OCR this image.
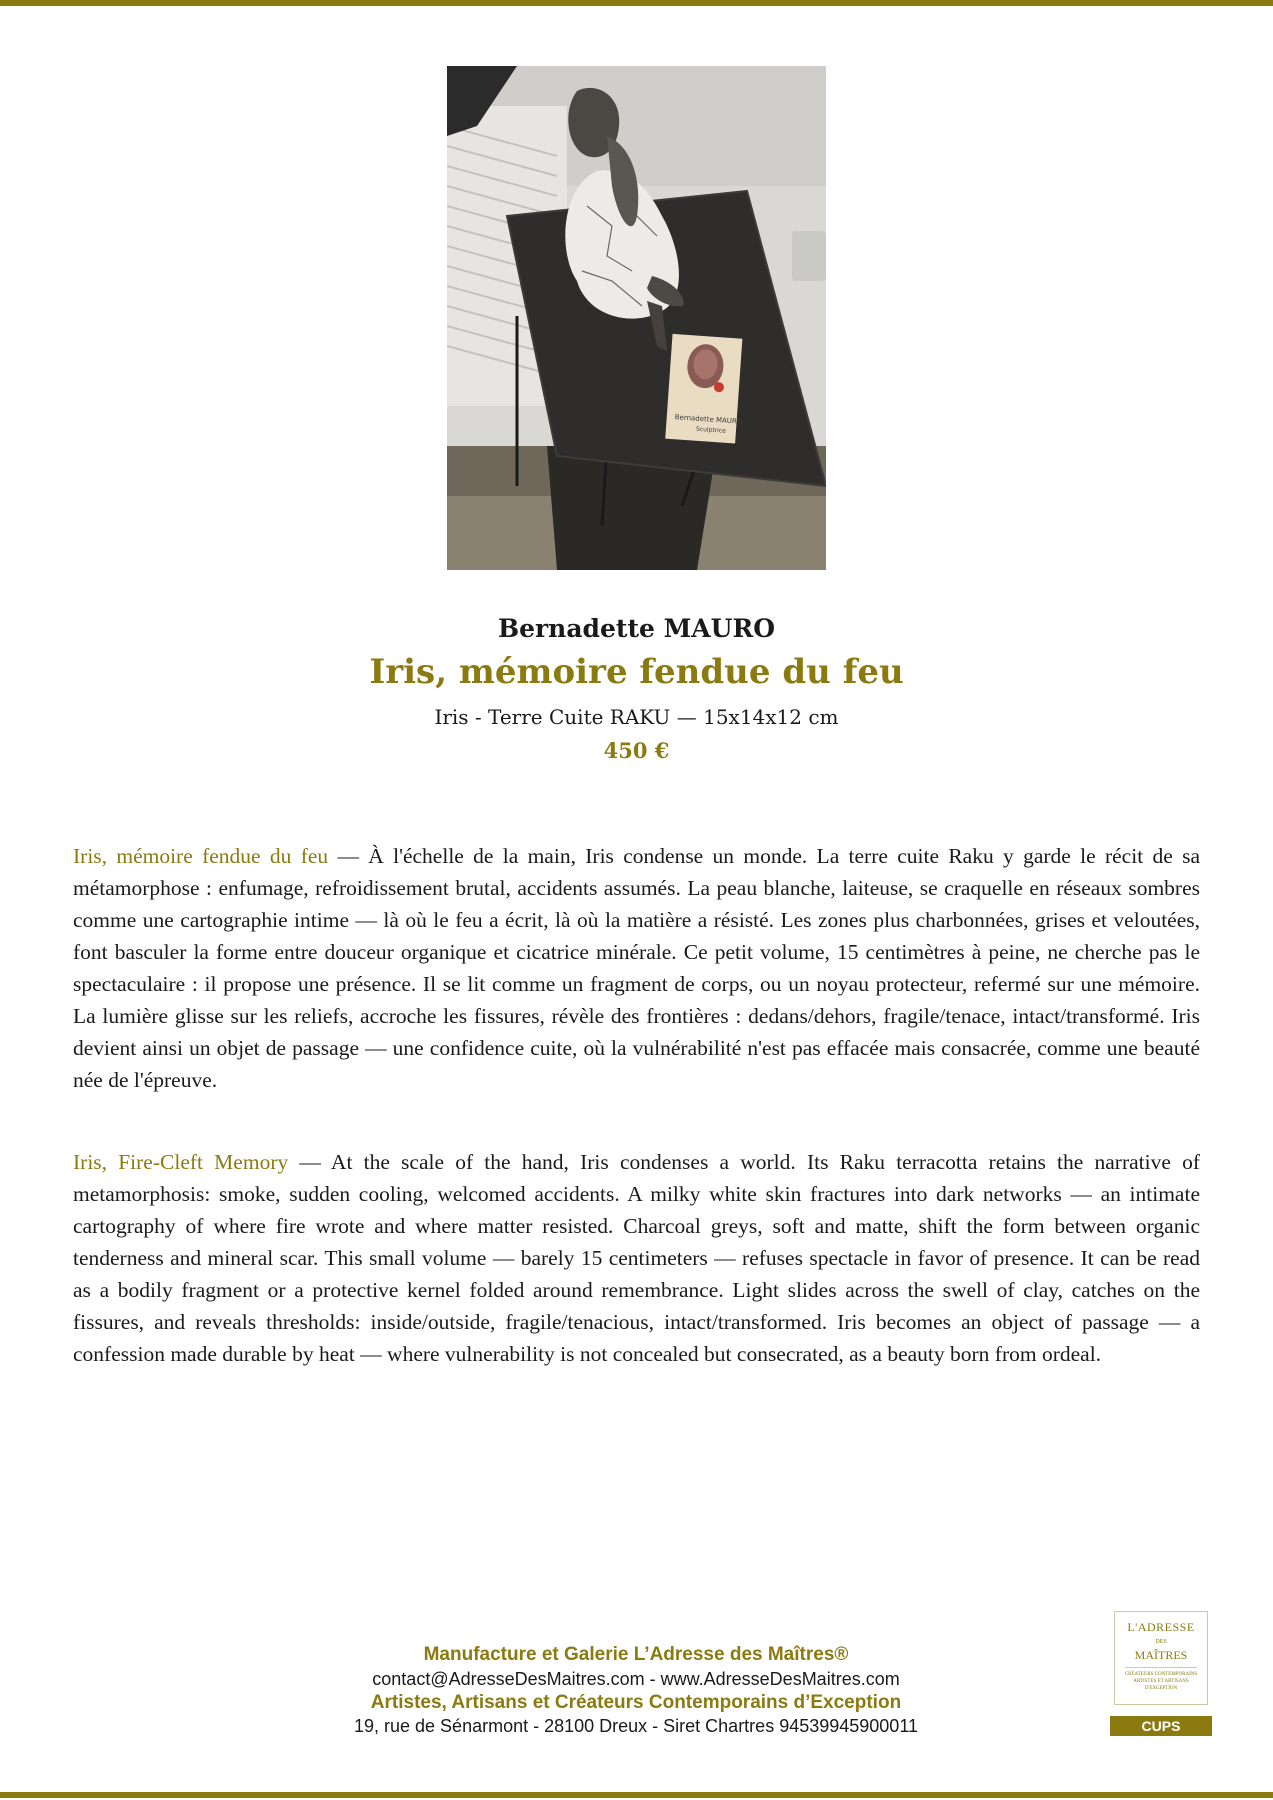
Bernadette MAURO
Sculptrice
Bernadette MAURO
Iris, mémoire fendue du feu
Iris - Terre Cuite RAKU — 15x14x12 cm
450 €

Iris, mémoire fendue du feu — À l'échelle de la main, Iris condense un monde. La terre cuite Raku y garde le récit de sa métamorphose : enfumage, refroidissement brutal, accidents assumés. La peau blanche, laiteuse, se craquelle en réseaux sombres comme une cartographie intime — là où le feu a écrit, là où la matière a résisté. Les zones plus charbonnées, grises et veloutées, font basculer la forme entre douceur organique et cicatrice minérale. Ce petit volume, 15 centimètres à peine, ne cherche pas le spectaculaire : il propose une présence. Il se lit comme un fragment de corps, ou un noyau protecteur, refermé sur une mémoire. La lumière glisse sur les reliefs, accroche les fissures, révèle des frontières : dedans/dehors, fragile/tenace, intact/transformé. Iris devient ainsi un objet de passage — une confidence cuite, où la vulnérabilité n'est pas effacée mais consacrée, comme une beauté née de l'épreuve.

Iris, Fire-Cleft Memory — At the scale of the hand, Iris condenses a world. Its Raku terracotta retains the narrative of metamorphosis: smoke, sudden cooling, welcomed accidents. A milky white skin fractures into dark networks — an intimate cartography of where fire wrote and where matter resisted. Charcoal greys, soft and matte, shift the form between organic tenderness and mineral scar. This small volume — barely 15 centimeters — refuses spectacle in favor of presence. It can be read as a bodily fragment or a protective kernel folded around remembrance. Light slides across the swell of clay, catches on the fissures, and reveals thresholds: inside/outside, fragile/tenacious, intact/transformed. Iris becomes an object of passage — a confession made durable by heat — where vulnerability is not concealed but consecrated, as a beauty born from ordeal.

Manufacture et Galerie L’Adresse des Maîtres®
contact@AdresseDesMaitres.com - www.AdresseDesMaitres.com
Artistes, Artisans et Créateurs Contemporains d’Exception
19, rue de Sénarmont - 28100 Dreux - Siret Chartres 94539945900011
L'ADRESSE
DES
MAÎTRES
CRÉATEURS CONTEMPORAINS ARTISTES ET ARTISANS D'EXCEPTION
CUPS
